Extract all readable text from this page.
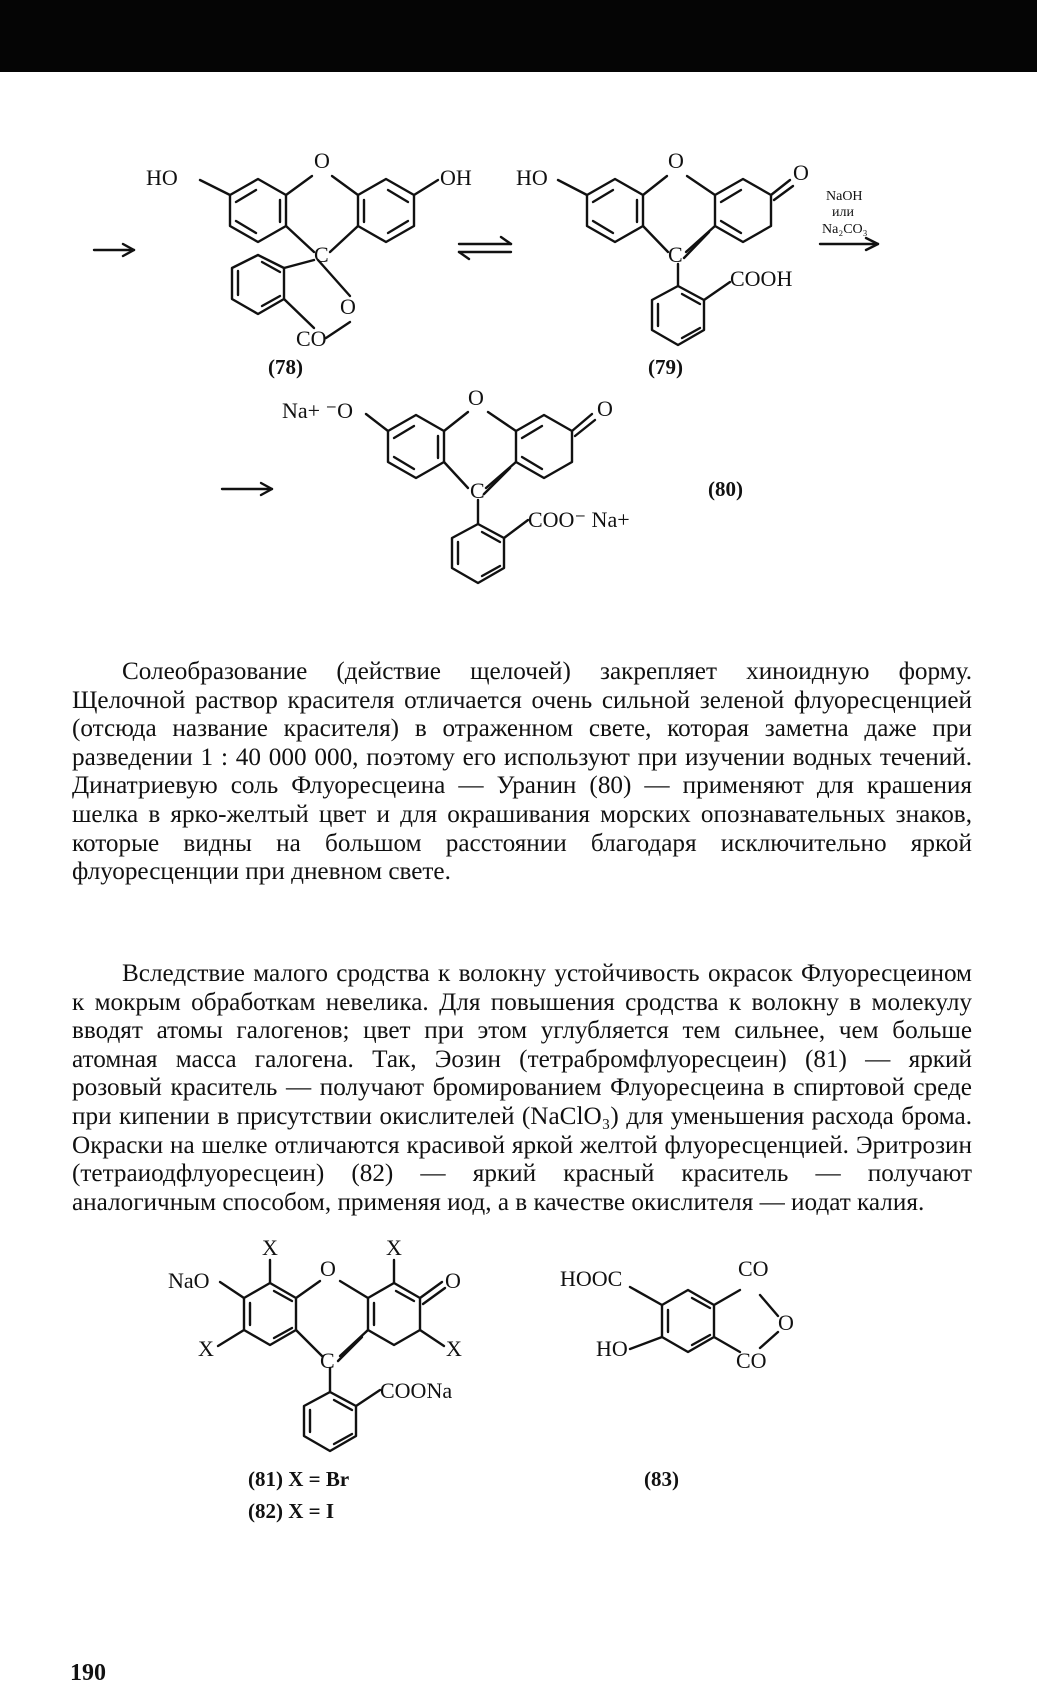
HO
O
OH
C
O
CO
HO
O	O
C
COOH
Na+ ⁻O
O	O
C
COO⁻ Na+
X	X
NaO	O	O
X	X
C
COONa
HOOC	CO
O
HO	CO
NaOH
или
Na₂CO₃
(78)	(79)
(80)
(81) X = Br
(82) X = I
(83)
Солеобразование (действие щелочей) закрепляет хиноидную форму. Щелочной раствор красителя отличается очень сильной зеленой флуоресценцией (отсюда название красителя) в отраженном свете, которая заметна даже при разведении 1 : 40 000 000, поэтому его используют при изучении водных течений. Динатриевую соль Флуоресцеина — Уранин (80) — применяют для крашения шелка в ярко-желтый цвет и для окрашивания морских опознавательных знаков, которые видны на большом расстоянии благодаря исключительно яркой флуоресценции при дневном свете.
Вследствие малого сродства к волокну устойчивость окрасок Флуоресцеином к мокрым обработкам невелика. Для повышения сродства к волокну в молекулу вводят атомы галогенов; цвет при этом углубляется тем сильнее, чем больше атомная масса галогена. Так, Эозин (тетрабромфлуоресцеин) (81) — яркий розовый краситель — получают бромированием Флуоресцеина в спиртовой среде при кипении в присутствии окислителей (NaClO₃) для уменьшения расхода брома. Окраски на шелке отличаются красивой яркой желтой флуоресценцией. Эритрозин (тетраиодфлуоресцеин) (82) — яркий красный краситель — получают аналогичным способом, применяя иод, а в качестве окислителя — иодат калия.
190
